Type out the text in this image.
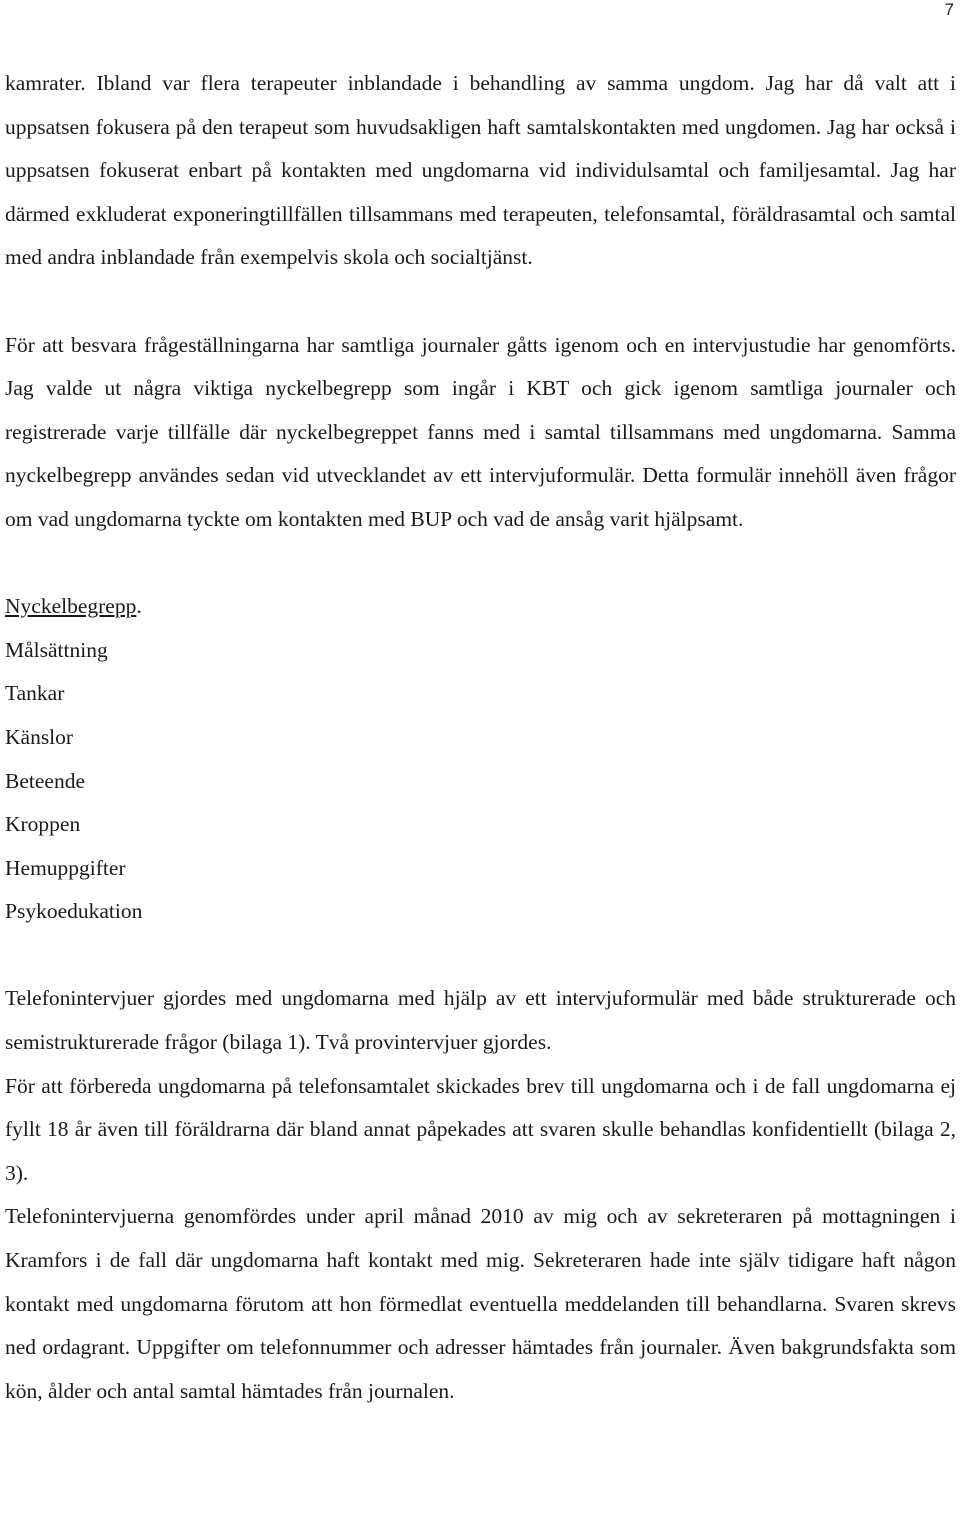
7

kamrater. Ibland var flera terapeuter inblandade i behandling av samma ungdom. Jag har då valt att i uppsatsen fokusera på den terapeut som huvudsakligen haft samtalskontakten med ungdomen. Jag har också i uppsatsen fokuserat enbart på kontakten med ungdomarna vid individulsamtal och familjesamtal. Jag har därmed exkluderat exponeringtillfällen tillsammans med terapeuten, telefonsamtal, föräldrasamtal och samtal med andra inblandade från exempelvis skola och socialtjänst.

För att besvara frågeställningarna har samtliga journaler gåtts igenom och en intervjustudie har genomförts. Jag valde ut några viktiga nyckelbegrepp som ingår i KBT och gick igenom samtliga journaler och registrerade varje tillfälle där nyckelbegreppet fanns med i samtal tillsammans med ungdomarna. Samma nyckelbegrepp användes sedan vid utvecklandet av ett intervjuformulär. Detta formulär innehöll även frågor om vad ungdomarna tyckte om kontakten med BUP och vad de ansåg varit hjälpsamt.

Nyckelbegrepp.

Målsättning
Tankar
Känslor
Beteende
Kroppen
Hemuppgifter
Psykoedukation

Telefonintervjuer gjordes med ungdomarna med hjälp av ett intervjuformulär med både strukturerade och semistrukturerade frågor (bilaga 1). Två provintervjuer gjordes.

För att förbereda ungdomarna på telefonsamtalet skickades brev till ungdomarna och i de fall ungdomarna ej fyllt 18 år även till föräldrarna där bland annat påpekades att svaren skulle behandlas konfidentiellt (bilaga 2, 3).

Telefonintervjuerna genomfördes under april månad 2010 av mig och av sekreteraren på mottagningen i Kramfors i de fall där ungdomarna haft kontakt med mig. Sekreteraren hade inte själv tidigare haft någon kontakt med ungdomarna förutom att hon förmedlat eventuella meddelanden till behandlarna. Svaren skrevs ned ordagrant. Uppgifter om telefonnummer och adresser hämtades från journaler. Även bakgrundsfakta som kön, ålder och antal samtal hämtades från journalen.
